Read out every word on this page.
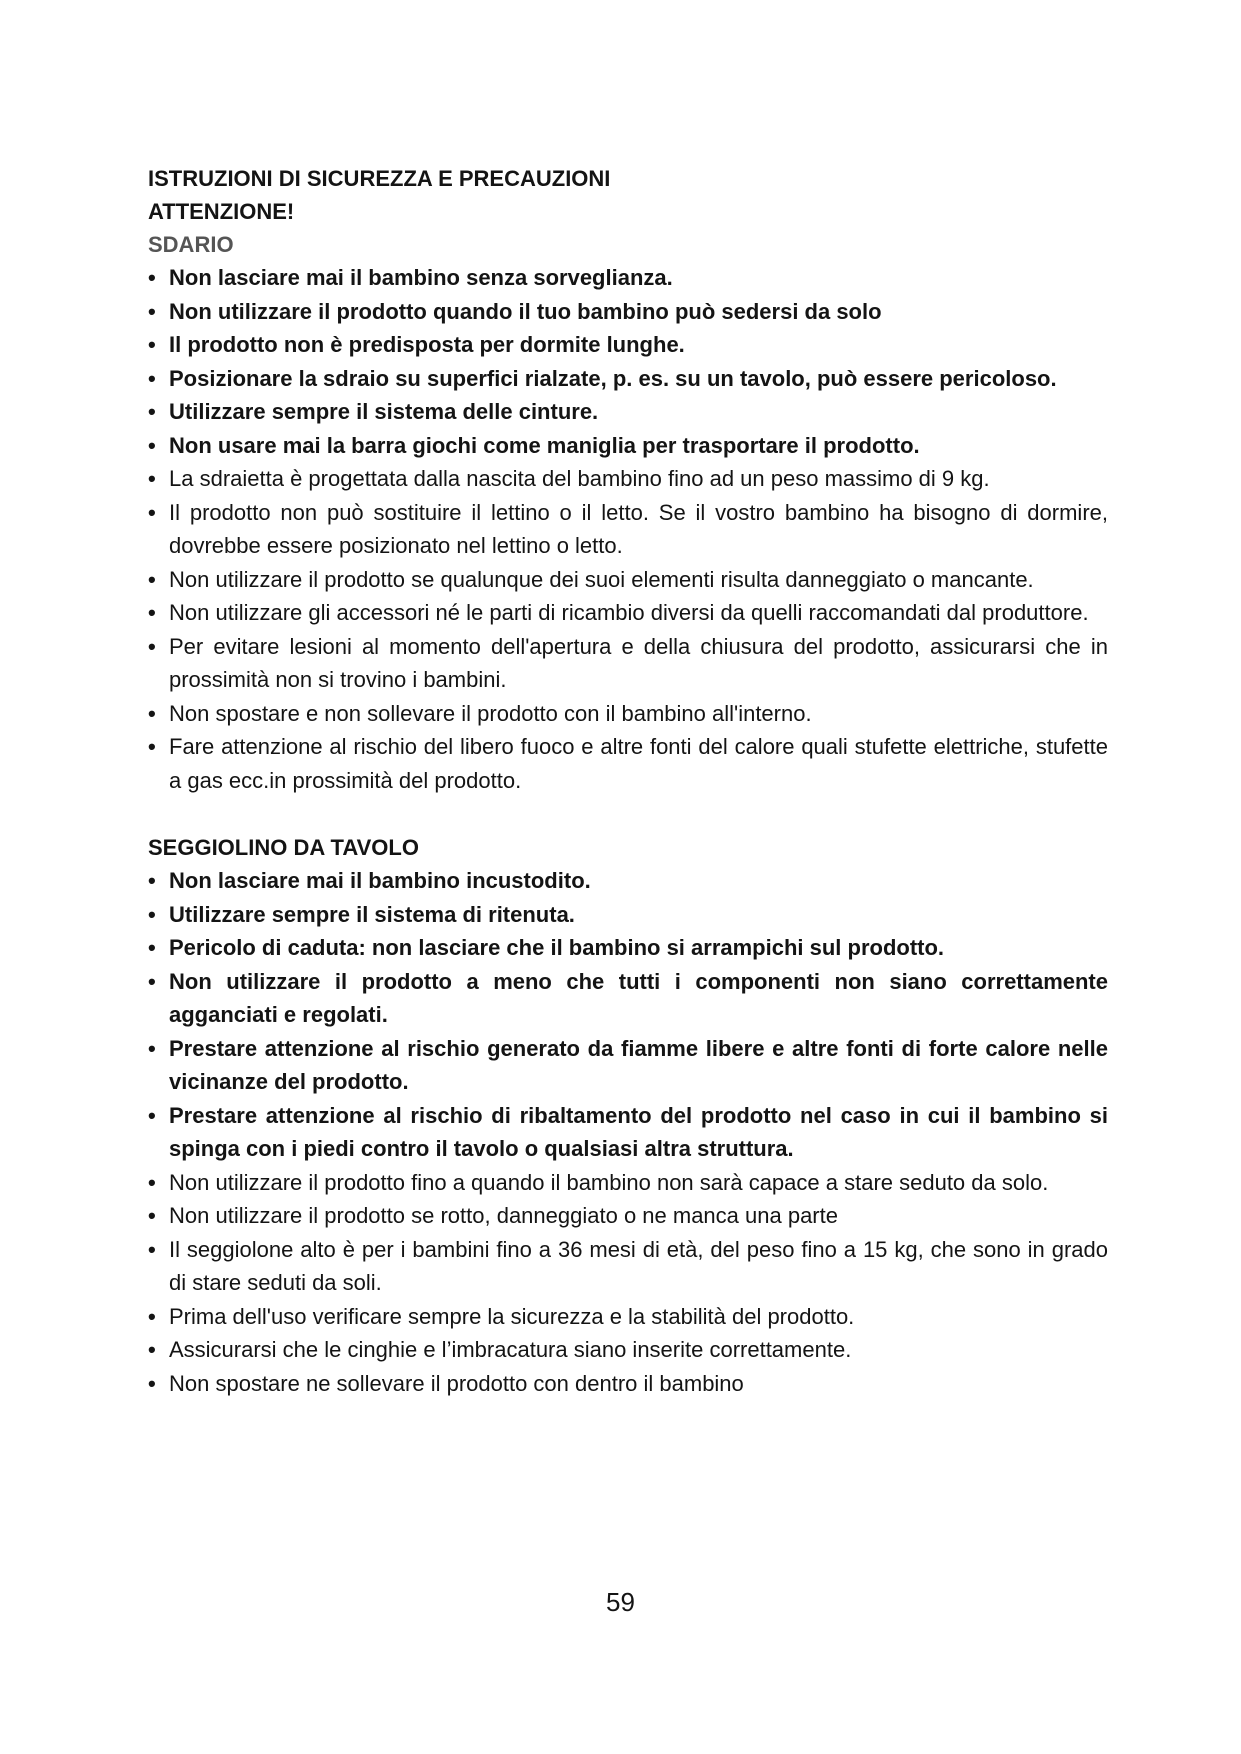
ISTRUZIONI DI SICUREZZA E PRECAUZIONI

ATTENZIONE!

SDARIO

• Non lasciare mai il bambino senza sorveglianza.
• Non utilizzare il prodotto quando il tuo bambino può sedersi da solo
• Il prodotto non è predisposta per dormite lunghe.
• Posizionare la sdraio su superfici rialzate, p. es. su un tavolo, può essere pericoloso.
• Utilizzare sempre il sistema delle cinture.
• Non usare mai la barra giochi come maniglia per trasportare il prodotto.
• La sdraietta è progettata dalla nascita del bambino fino ad un peso massimo di 9 kg.
• Il prodotto non può sostituire il lettino o il letto. Se il vostro bambino ha bisogno di dormire, dovrebbe essere posizionato nel lettino o letto.
• Non utilizzare il prodotto se qualunque dei suoi elementi risulta danneggiato o mancante.
• Non utilizzare gli accessori né le parti di ricambio diversi da quelli raccomandati dal produttore.
• Per evitare lesioni al momento dell'apertura e della chiusura del prodotto, assicurarsi che in prossimità non si trovino i bambini.
• Non spostare e non sollevare il prodotto con il bambino all'interno.
• Fare attenzione al rischio del libero fuoco e altre fonti del calore quali stufette elettriche, stufette a gas ecc.in prossimità del prodotto.

SEGGIOLINO DA TAVOLO

• Non lasciare mai il bambino incustodito.
• Utilizzare sempre il sistema di ritenuta.
• Pericolo di caduta: non lasciare che il bambino si arrampichi sul prodotto.
• Non utilizzare il prodotto a meno che tutti i componenti non siano correttamente agganciati e regolati.
• Prestare attenzione al rischio generato da fiamme libere e altre fonti di forte calore nelle vicinanze del prodotto.
• Prestare attenzione al rischio di ribaltamento del prodotto nel caso in cui il bambino si spinga con i piedi contro il tavolo o qualsiasi altra struttura.
• Non utilizzare il prodotto fino a quando il bambino non sarà capace a stare seduto da solo.
• Non utilizzare il prodotto se rotto, danneggiato o ne manca una parte
• Il seggiolone alto è per i bambini fino a 36 mesi di età, del peso fino a 15 kg, che sono in grado di stare seduti da soli.
• Prima dell'uso verificare sempre la sicurezza e la stabilità del prodotto.
• Assicurarsi che le cinghie e l’imbracatura siano inserite correttamente.
• Non spostare ne sollevare il prodotto con dentro il bambino
59
